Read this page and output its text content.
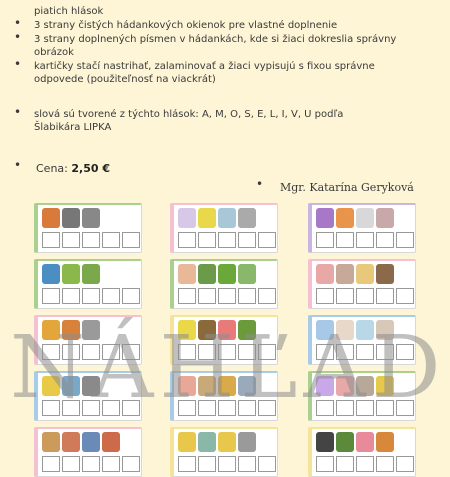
piatich hlások
• 3 strany čistých hádankových okienok pre vlastné doplnenie
• 3 strany doplnených písmen v hádankách, kde si žiaci dokreslia správny
obrázok
• kartičky stačí nastrihať, zalaminovať a žiaci vypisujú s fixou správne
odpovede (použiteľnosť na viackrát)
• slová sú tvorené z týchto hlások: A, M, O, S, E, L, I, V, U podľa
Šlabikára LIPKA
• Cena: 2,50 €
• Mgr. Katarína Geryková
NÁHĽAD
